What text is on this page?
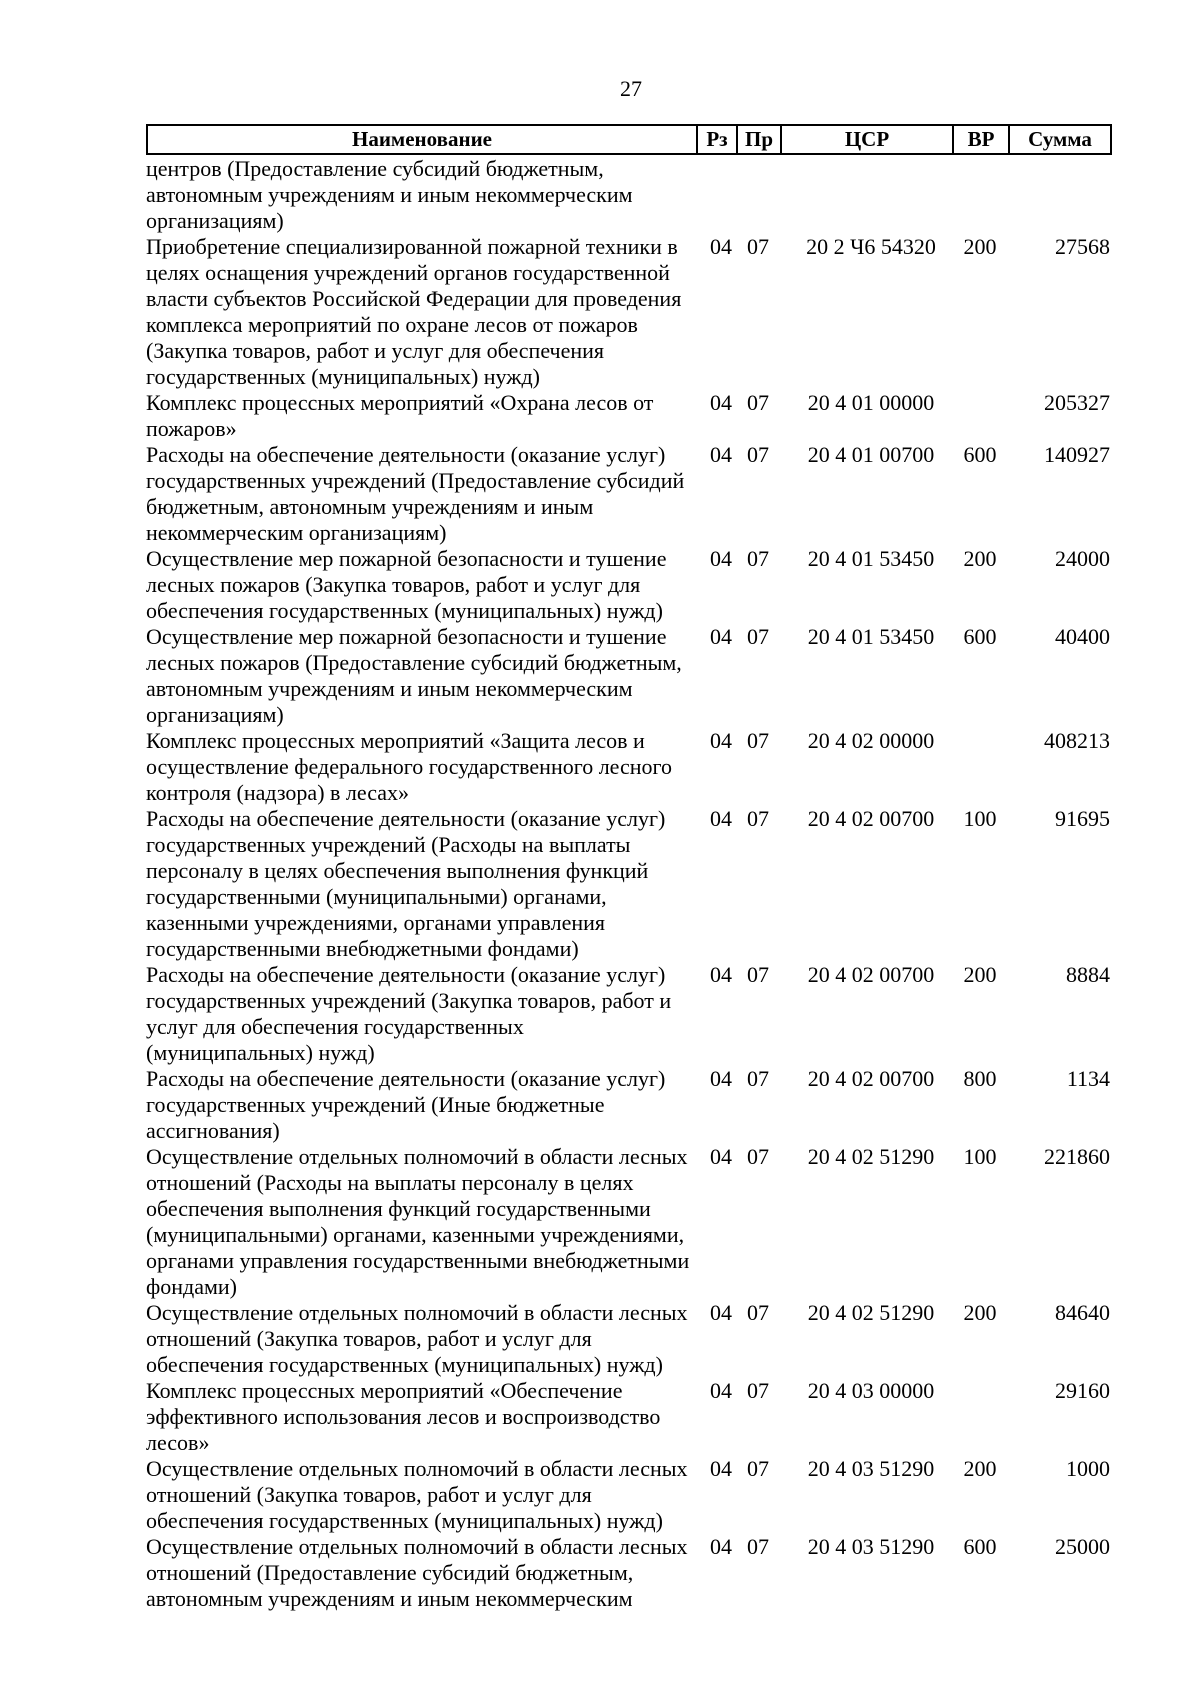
27
Наименование	Рз	Пр	ЦСР	ВР	Сумма
центров (Предоставление субсидий бюджетным, автономным учреждениям и иным некоммерческим организациям)					
Приобретение специализированной пожарной техники в целях оснащения учреждений органов государственной власти субъектов Российской Федерации для проведения комплекса мероприятий по охране лесов от пожаров (Закупка товаров, работ и услуг для обеспечения государственных (муниципальных) нужд)	04	07	20 2 Ч6 54320	200	27568
Комплекс процессных мероприятий «Охрана лесов от пожаров»	04	07	20 4 01 00000		205327
Расходы на обеспечение деятельности (оказание услуг) государственных учреждений (Предоставление субсидий бюджетным, автономным учреждениям и иным некоммерческим организациям)	04	07	20 4 01 00700	600	140927
Осуществление мер пожарной безопасности и тушение лесных пожаров (Закупка товаров, работ и услуг для обеспечения государственных (муниципальных) нужд)	04	07	20 4 01 53450	200	24000
Осуществление мер пожарной безопасности и тушение лесных пожаров (Предоставление субсидий бюджетным, автономным учреждениям и иным некоммерческим организациям)	04	07	20 4 01 53450	600	40400
Комплекс процессных мероприятий «Защита лесов и осуществление федерального государственного лесного контроля (надзора) в лесах»	04	07	20 4 02 00000		408213
Расходы на обеспечение деятельности (оказание услуг) государственных учреждений (Расходы на выплаты персоналу в целях обеспечения выполнения функций государственными (муниципальными) органами, казенными учреждениями, органами управления государственными внебюджетными фондами)	04	07	20 4 02 00700	100	91695
Расходы на обеспечение деятельности (оказание услуг) государственных учреждений (Закупка товаров, работ и услуг для обеспечения государственных (муниципальных) нужд)	04	07	20 4 02 00700	200	8884
Расходы на обеспечение деятельности (оказание услуг) государственных учреждений (Иные бюджетные ассигнования)	04	07	20 4 02 00700	800	1134
Осуществление отдельных полномочий в области лесных отношений (Расходы на выплаты персоналу в целях обеспечения выполнения функций государственными (муниципальными) органами, казенными учреждениями, органами управления государственными внебюджетными фондами)	04	07	20 4 02 51290	100	221860
Осуществление отдельных полномочий в области лесных отношений (Закупка товаров, работ и услуг для обеспечения государственных (муниципальных) нужд)	04	07	20 4 02 51290	200	84640
Комплекс процессных мероприятий «Обеспечение эффективного использования лесов и воспроизводство лесов»	04	07	20 4 03 00000		29160
Осуществление отдельных полномочий в области лесных отношений (Закупка товаров, работ и услуг для обеспечения государственных (муниципальных) нужд)	04	07	20 4 03 51290	200	1000
Осуществление отдельных полномочий в области лесных отношений (Предоставление субсидий бюджетным, автономным учреждениям и иным некоммерческим	04	07	20 4 03 51290	600	25000
